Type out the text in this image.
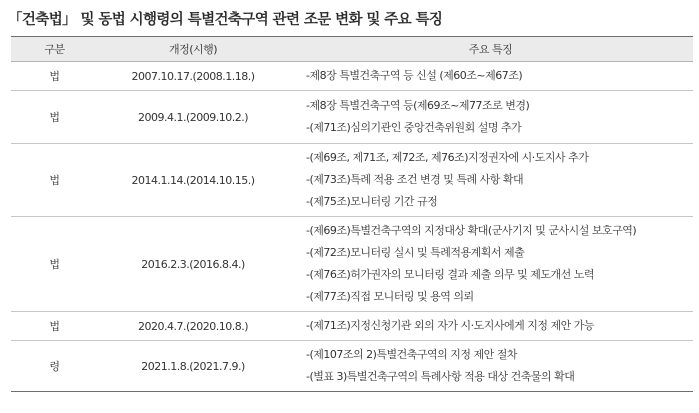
「건축법」 및 동법 시행령의 특별건축구역 관련 조문 변화 및 주요 특징
구분	개정(시행)	주요 특징
법	2007.10.17.(2008.1.18.)	-제8장 특별건축구역 등 신설 (제60조~제67조)

법	2009.4.1.(2009.10.2.)	-제8장 특별건축구역 등(제69조~제77조로 변경)
-(제71조)심의기관인 중앙건축위원회 설명 추가

법	2014.1.14.(2014.10.15.)	-(제69조, 제71조, 제72조, 제76조)지정권자에 시·도지사 추가
-(제73조)특례 적용 조건 변경 및 특례 사항 확대
-(제75조)모니터링 기간 규정

법	2016.2.3.(2016.8.4.)	-(제69조)특별건축구역의 지정대상 확대(군사기지 및 군사시설 보호구역)
-(제72조)모니터링 실시 및 특례적용계획서 제출
-(제76조)허가권자의 모니터링 결과 제출 의무 및 제도개선 노력
-(제77조)직접 모니터링 및 용역 의뢰

법	2020.4.7.(2020.10.8.)	-(제71조)지정신청기관 외의 자가 시·도지사에게 지정 제안 가능

령	2021.1.8.(2021.7.9.)	-(제107조의 2)특별건축구역의 지정 제안 절차
-(별표 3)특별건축구역의 특례사항 적용 대상 건축물의 확대
